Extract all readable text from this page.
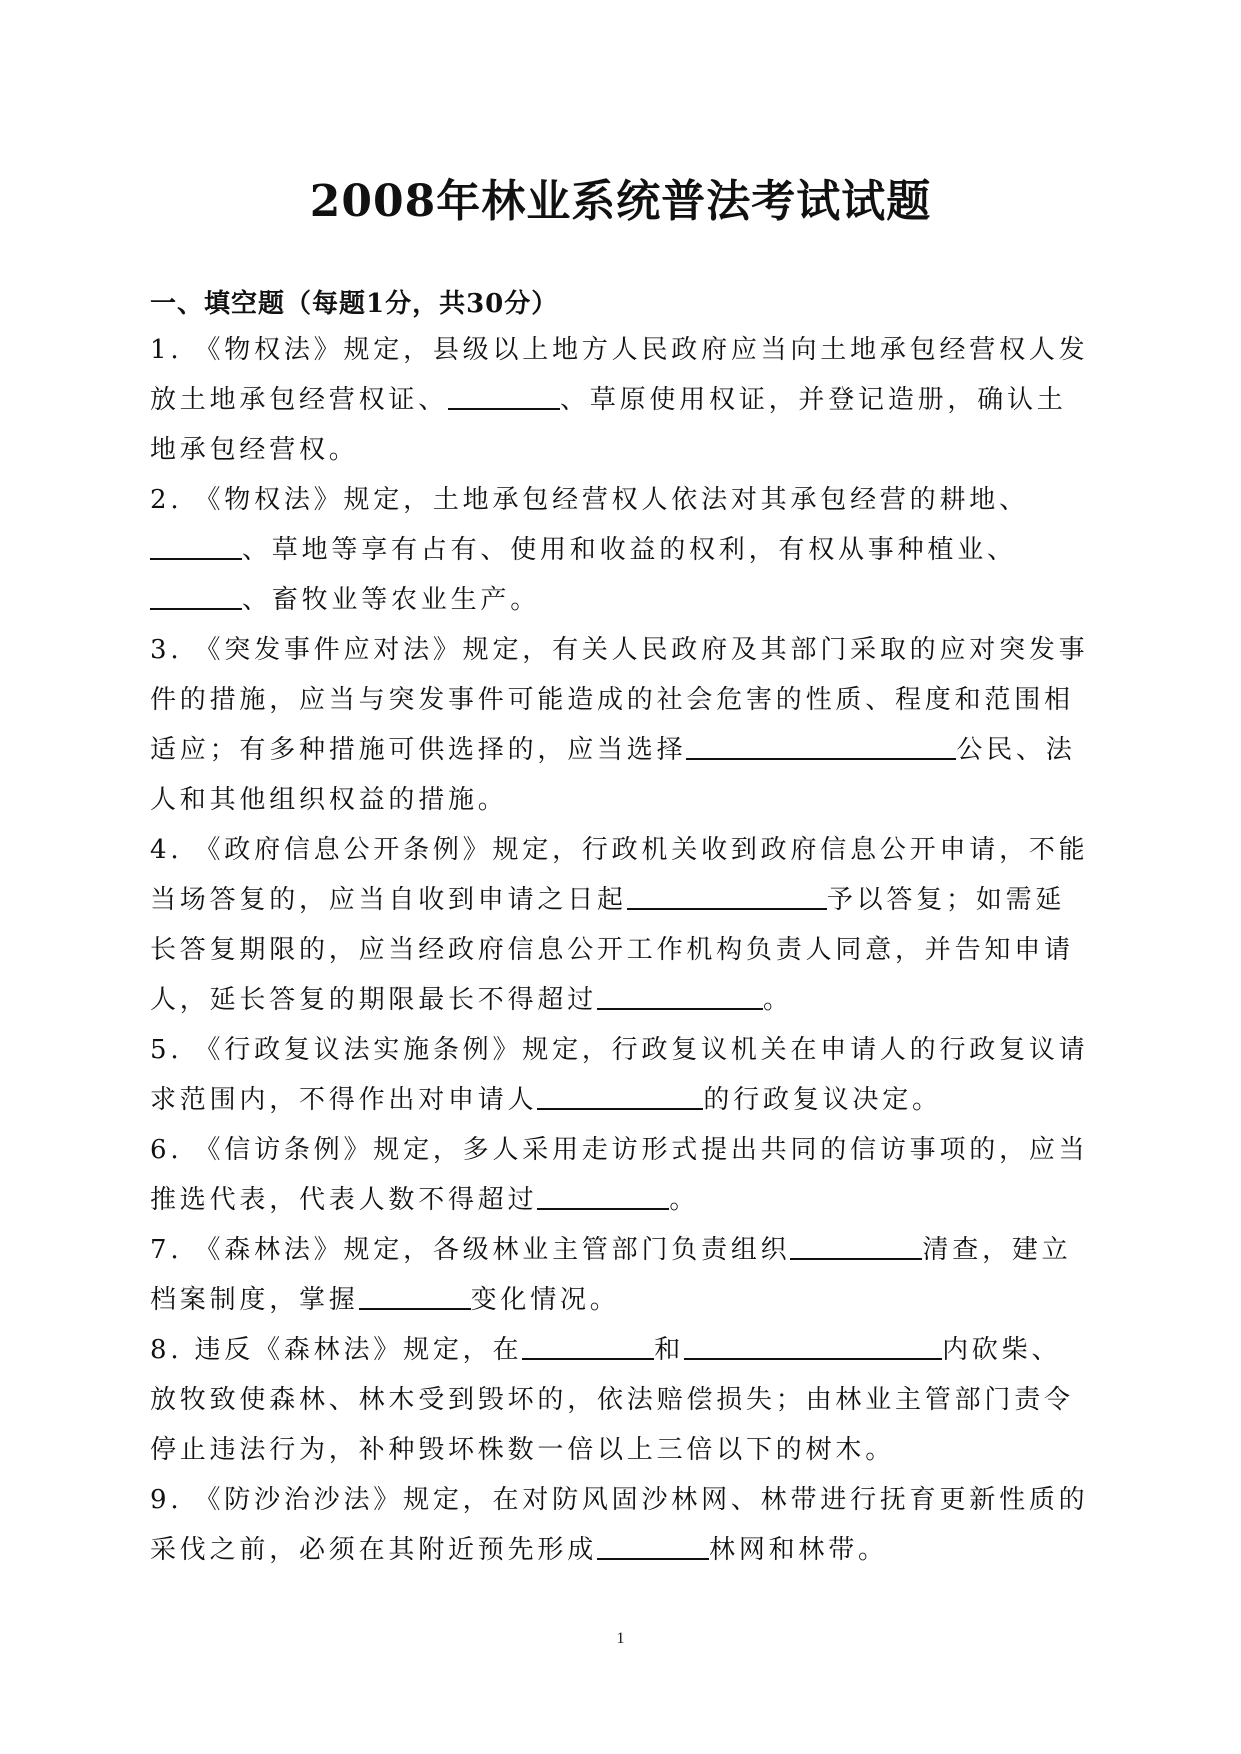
2008年林业系统普法考试试题
一、填空题（每题1分，共30分）

1. 《物权法》规定，县级以上地方人民政府应当向土地承包经营权人发放土地承包经营权证、	、草原使用权证，并登记造册，确认土地承包经营权。

2. 《物权法》规定，土地承包经营权人依法对其承包经营的耕地、、草地等享有占有、使用和收益的权利，有权从事种植业、、畜牧业等农业生产。

3. 《突发事件应对法》规定，有关人民政府及其部门采取的应对突发事件的措施，应当与突发事件可能造成的社会危害的性质、程度和范围相适应；有多种措施可供选择的，应当选择	公民、法人和其他组织权益的措施。

4. 《政府信息公开条例》规定，行政机关收到政府信息公开申请，不能当场答复的，应当自收到申请之日起	予以答复；如需延长答复期限的，应当经政府信息公开工作机构负责人同意，并告知申请人，延长答复的期限最长不得超过	。

5. 《行政复议法实施条例》规定，行政复议机关在申请人的行政复议请求范围内，不得作出对申请人	的行政复议决定。

6. 《信访条例》规定，多人采用走访形式提出共同的信访事项的，应当推选代表，代表人数不得超过	。

7. 《森林法》规定，各级林业主管部门负责组织	清查，建立档案制度，掌握	变化情况。

8. 违反《森林法》规定，在	和	内砍柴、放牧致使森林、林木受到毁坏的，依法赔偿损失；由林业主管部门责令停止违法行为，补种毁坏株数一倍以上三倍以下的树木。

9. 《防沙治沙法》规定，在对防风固沙林网、林带进行抚育更新性质的采伐之前，必须在其附近预先形成	林网和林带。

1
